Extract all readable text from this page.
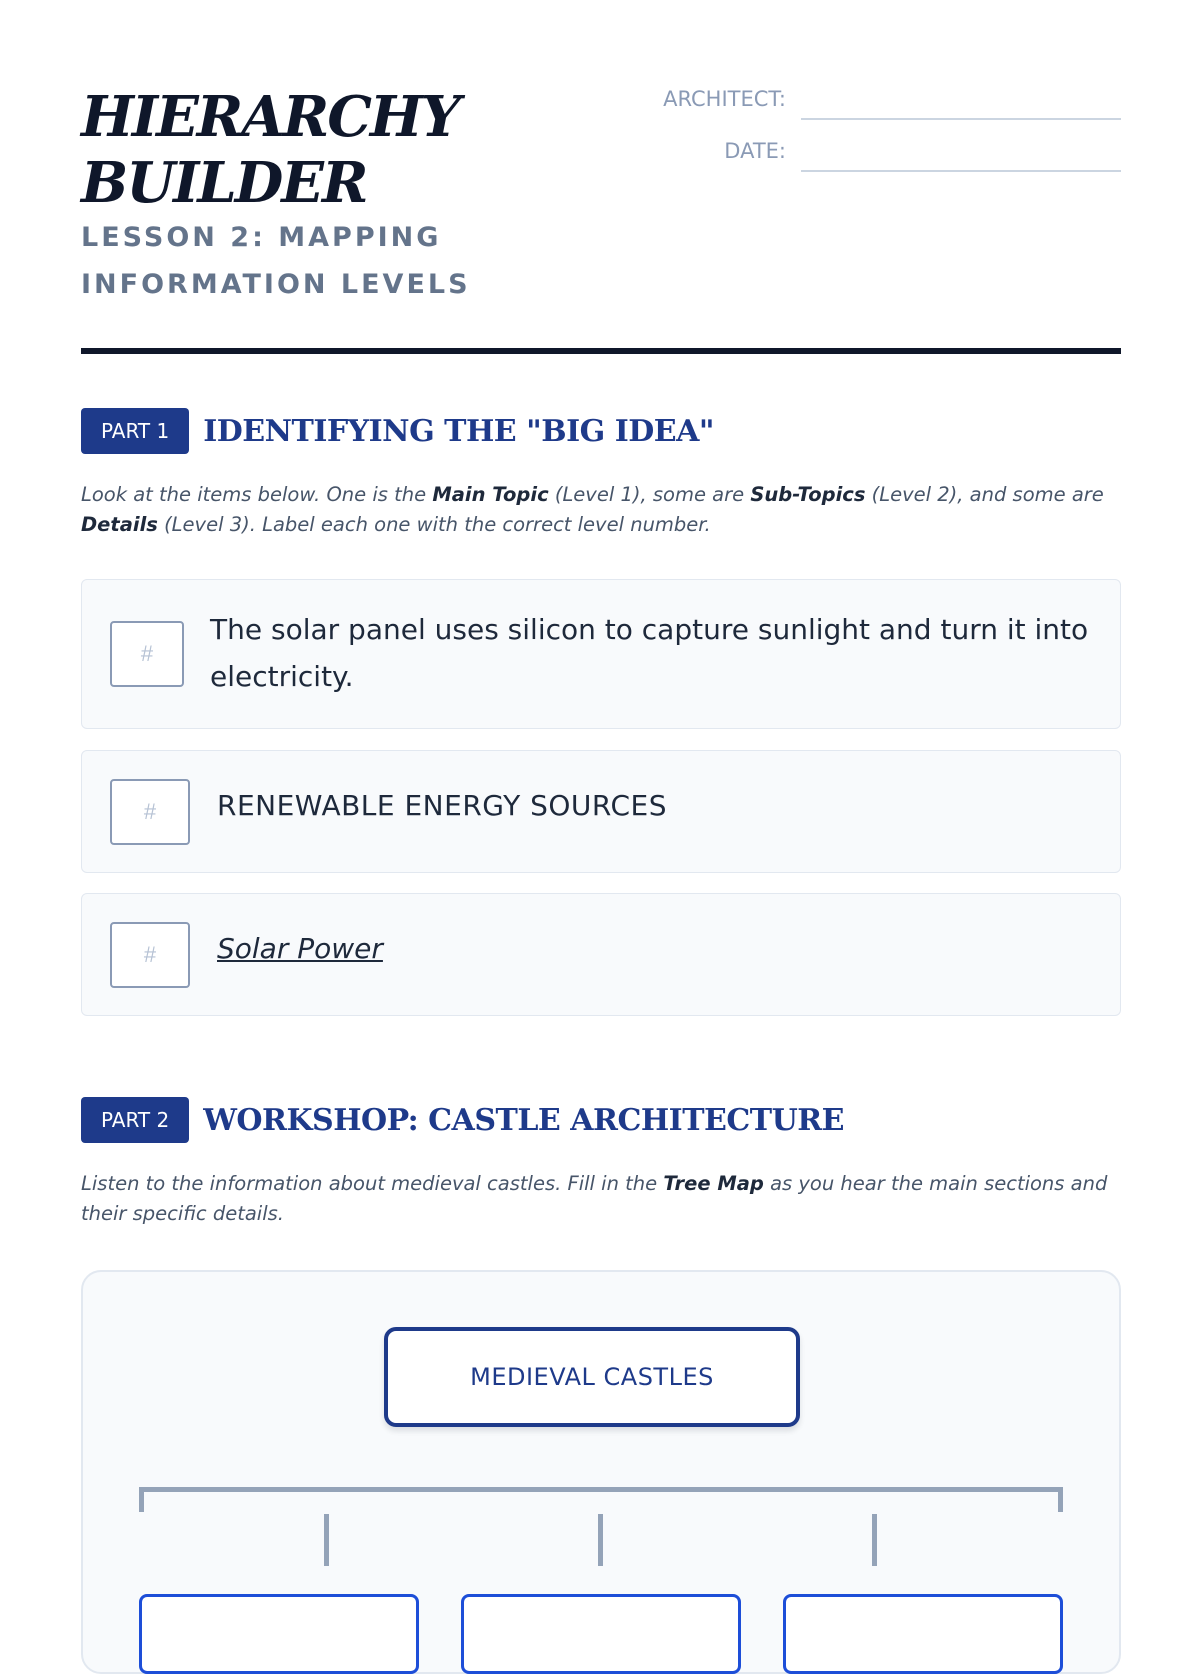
HIERARCHY
BUILDER
LESSON 2: MAPPING
INFORMATION LEVELS
ARCHITECT:
DATE:
PART 1	IDENTIFYING THE "BIG IDEA"

Look at the items below. One is the Main Topic (Level 1), some are Sub-Topics (Level 2), and some are Details (Level 3). Label each one with the correct level number.

#
The solar panel uses silicon to capture sunlight and turn it into electricity.
#	RENEWABLE ENERGY SOURCES
#	Solar Power
PART 2	WORKSHOP: CASTLE ARCHITECTURE

Listen to the information about medieval castles. Fill in the Tree Map as you hear the main sections and their specific details.

MEDIEVAL CASTLES
